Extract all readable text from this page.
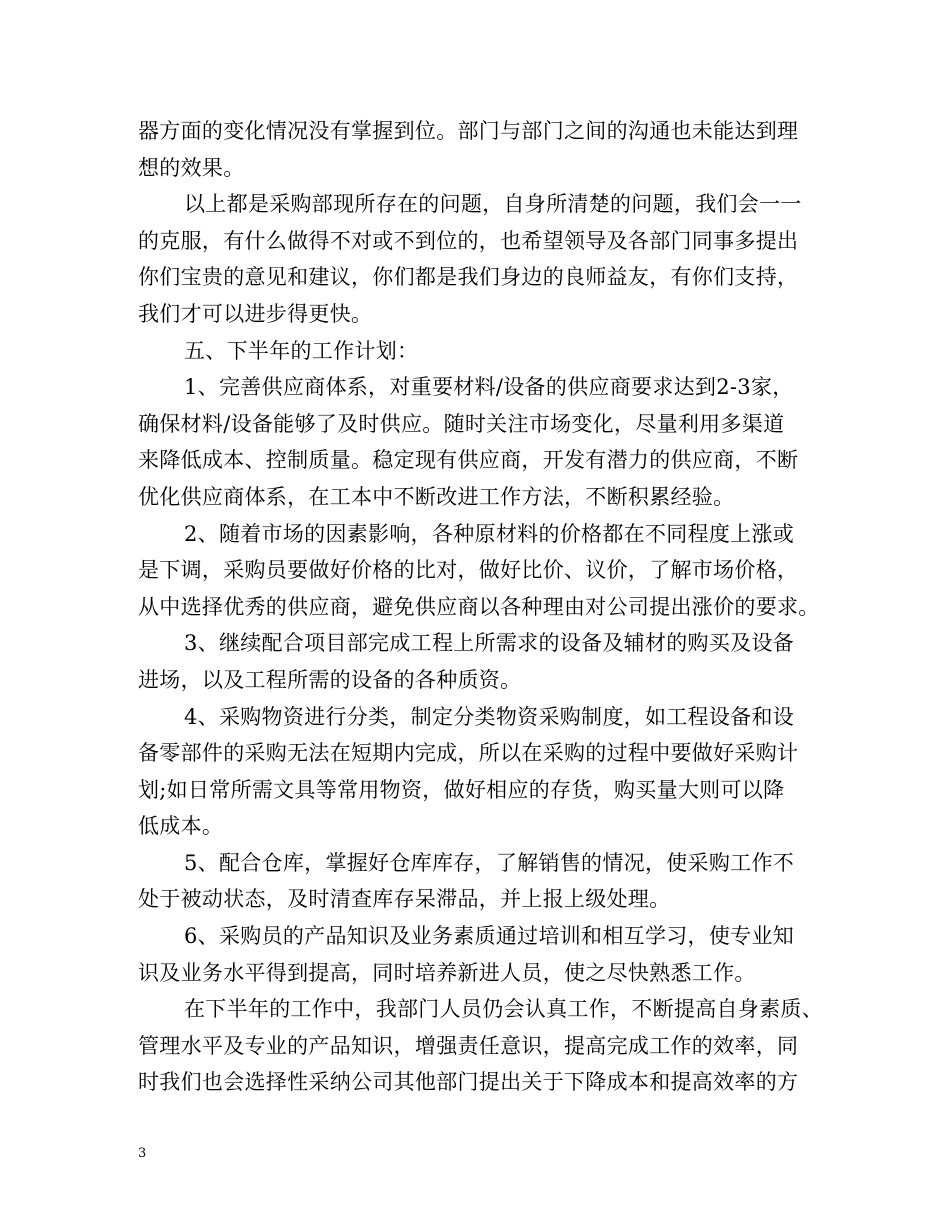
器方面的变化情况没有掌握到位。部门与部门之间的沟通也未能达到理
想的效果。
以上都是采购部现所存在的问题，自身所清楚的问题，我们会一一
的克服，有什么做得不对或不到位的，也希望领导及各部门同事多提出
你们宝贵的意见和建议，你们都是我们身边的良师益友，有你们支持，
我们才可以进步得更快。
五、下半年的工作计划：
1、完善供应商体系，对重要材料/设备的供应商要求达到2-3家，
确保材料/设备能够了及时供应。随时关注市场变化，尽量利用多渠道
来降低成本、控制质量。稳定现有供应商，开发有潜力的供应商，不断
优化供应商体系，在工本中不断改进工作方法，不断积累经验。
2、随着市场的因素影响，各种原材料的价格都在不同程度上涨或
是下调，采购员要做好价格的比对，做好比价、议价，了解市场价格，
从中选择优秀的供应商，避免供应商以各种理由对公司提出涨价的要求。
3、继续配合项目部完成工程上所需求的设备及辅材的购买及设备
进场，以及工程所需的设备的各种质资。
4、采购物资进行分类，制定分类物资采购制度，如工程设备和设
备零部件的采购无法在短期内完成，所以在采购的过程中要做好采购计
划;如日常所需文具等常用物资，做好相应的存货，购买量大则可以降
低成本。
5、配合仓库，掌握好仓库库存，了解销售的情况，使采购工作不
处于被动状态，及时清查库存呆滞品，并上报上级处理。
6、采购员的产品知识及业务素质通过培训和相互学习，使专业知
识及业务水平得到提高，同时培养新进人员，使之尽快熟悉工作。
在下半年的工作中，我部门人员仍会认真工作，不断提高自身素质、
管理水平及专业的产品知识，增强责任意识，提高完成工作的效率，同
时我们也会选择性采纳公司其他部门提出关于下降成本和提高效率的方
3
